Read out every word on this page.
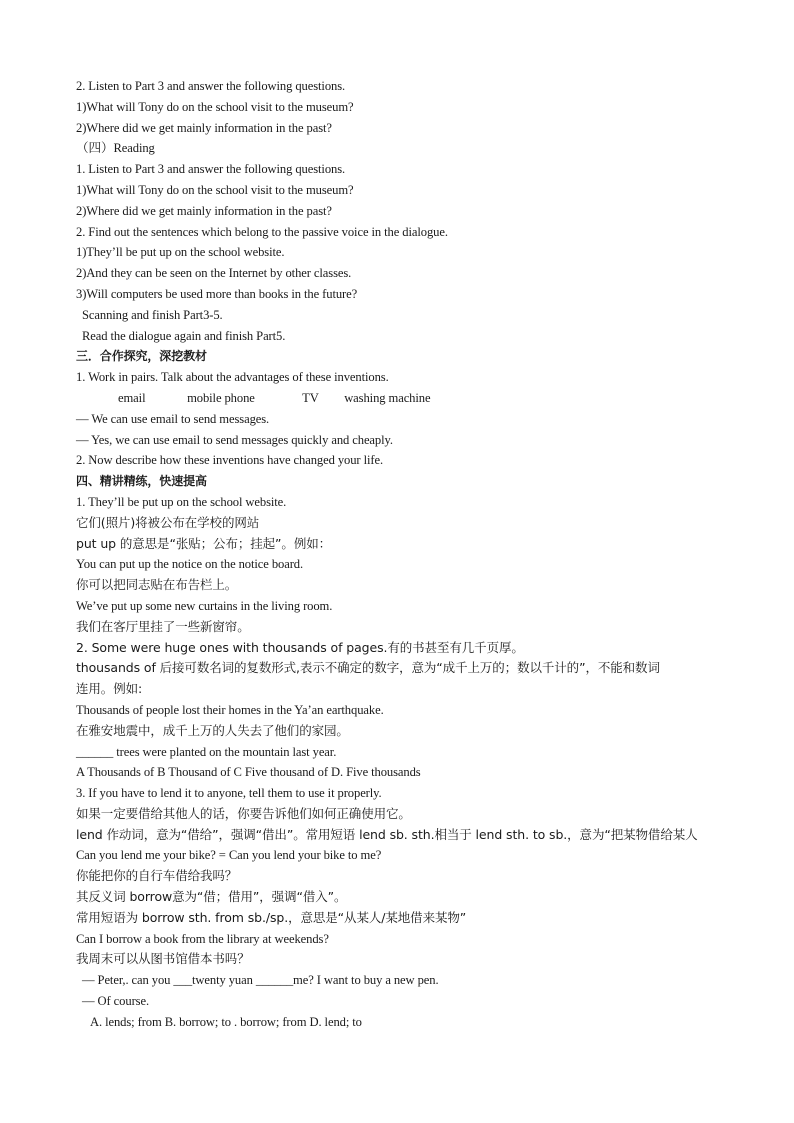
2. Listen to Part 3 and answer the following questions.
1)What will Tony do on the school visit to the museum?
2)Where did we get mainly information in the past?
（四）Reading
1. Listen to Part 3 and answer the following questions.
1)What will Tony do on the school visit to the museum?
2)Where did we get mainly information in the past?
2. Find out the sentences which belong to the passive voice in the dialogue.
1)They’ll be put up on the school website.
2)And they can be seen on the Internet by other classes.
3)Will computers be used more than books in the future?
Scanning and finish Part3-5.
Read the dialogue again and finish Part5.
三．合作探究，深挖教材
1. Work in pairs. Talk about the advantages of these inventions.
email	mobile phone	TV washing machine
— We can use email to send messages.
— Yes, we can use email to send messages quickly and cheaply.
2. Now describe how these inventions have changed your life.
四、精讲精练，快速提高
1. They’ll be put up on the school website.
它们(照片)将被公布在学校的网站
put up 的意思是“张贴；公布；挂起”。例如：
You can put up the notice on the notice board.
你可以把同志贴在布告栏上。
We’ve put up some new curtains in the living room.
我们在客厅里挂了一些新窗帘。
2. Some were huge ones with thousands of pages.有的书甚至有几千页厚。
thousands of 后接可数名词的复数形式,表示不确定的数字，意为“成千上万的；数以千计的”，不能和数词
连用。例如:
Thousands of people lost their homes in the Ya’an earthquake.
在雅安地震中，成千上万的人失去了他们的家园。
______ trees were planted on the mountain last year.
A Thousands of B Thousand of C Five thousand of D. Five thousands
3. If you have to lend it to anyone, tell them to use it properly.
如果一定要借给其他人的话，你要告诉他们如何正确使用它。
lend 作动词，意为“借给”，强调“借出”。常用短语 lend sb. sth.相当于 lend sth. to sb.，意为“把某物借给某人
Can you lend me your bike? = Can you lend your bike to me?
你能把你的自行车借给我吗？
其反义词 borrow意为“借；借用”，强调“借入”。
常用短语为 borrow sth. from sb./sp.，意思是“从某人/某地借来某物”
Can I borrow a book from the library at weekends?
我周末可以从图书馆借本书吗？
— Peter,. can you ___twenty yuan ______me? I want to buy a new pen.
— Of course.
A. lends; from B. borrow; to . borrow; from D. lend; to
